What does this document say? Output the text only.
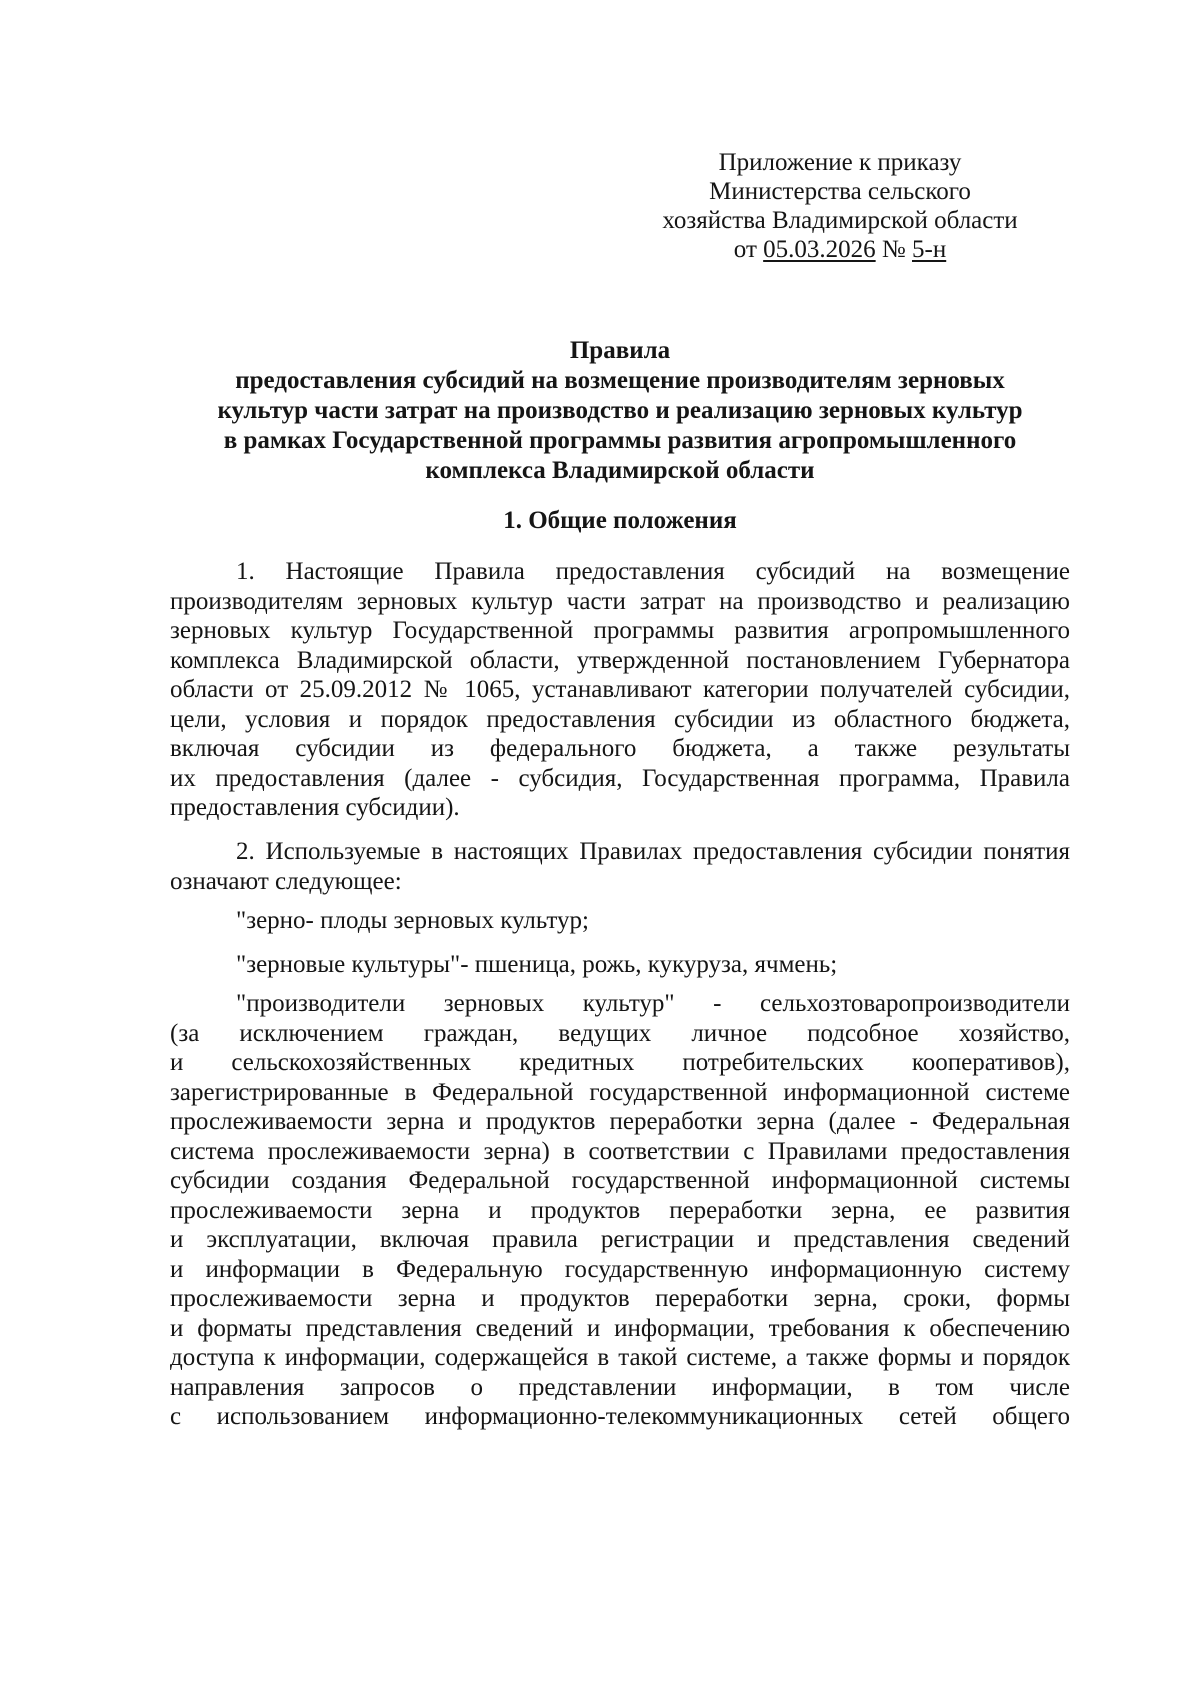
Приложение к приказу
Министерства сельского
хозяйства Владимирской области
от 05.03.2026 № 5-н
Правила
предоставления субсидий на возмещение производителям зерновых
культур части затрат на производство и реализацию зерновых культур
в рамках Государственной программы развития агропромышленного
комплекса Владимирской области
1. Общие положения
1. Настоящие Правила предоставления субсидий на возмещение
производителям зерновых культур части затрат на производство и реализацию
зерновых культур Государственной программы развития агропромышленного
комплекса Владимирской области, утвержденной постановлением Губернатора
области от 25.09.2012 № 1065, устанавливают категории получателей субсидии,
цели, условия и порядок предоставления субсидии из областного бюджета,
включая субсидии из федерального бюджета, а также результаты
их предоставления (далее - субсидия, Государственная программа, Правила
предоставления субсидии).
2. Используемые в настоящих Правилах предоставления субсидии понятия
означают следующее:
"зерно- плоды зерновых культур;
"зерновые культуры"- пшеница, рожь, кукуруза, ячмень;
"производители зерновых культур" - сельхозтоваропроизводители
(за исключением граждан, ведущих личное подсобное хозяйство,
и сельскохозяйственных кредитных потребительских кооперативов),
зарегистрированные в Федеральной государственной информационной системе
прослеживаемости зерна и продуктов переработки зерна (далее - Федеральная
система прослеживаемости зерна) в соответствии с Правилами предоставления
субсидии создания Федеральной государственной информационной системы
прослеживаемости зерна и продуктов переработки зерна, ее развития
и эксплуатации, включая правила регистрации и представления сведений
и информации в Федеральную государственную информационную систему
прослеживаемости зерна и продуктов переработки зерна, сроки, формы
и форматы представления сведений и информации, требования к обеспечению
доступа к информации, содержащейся в такой системе, а также формы и порядок
направления запросов о представлении информации, в том числе
с использованием информационно-телекоммуникационных сетей общего
